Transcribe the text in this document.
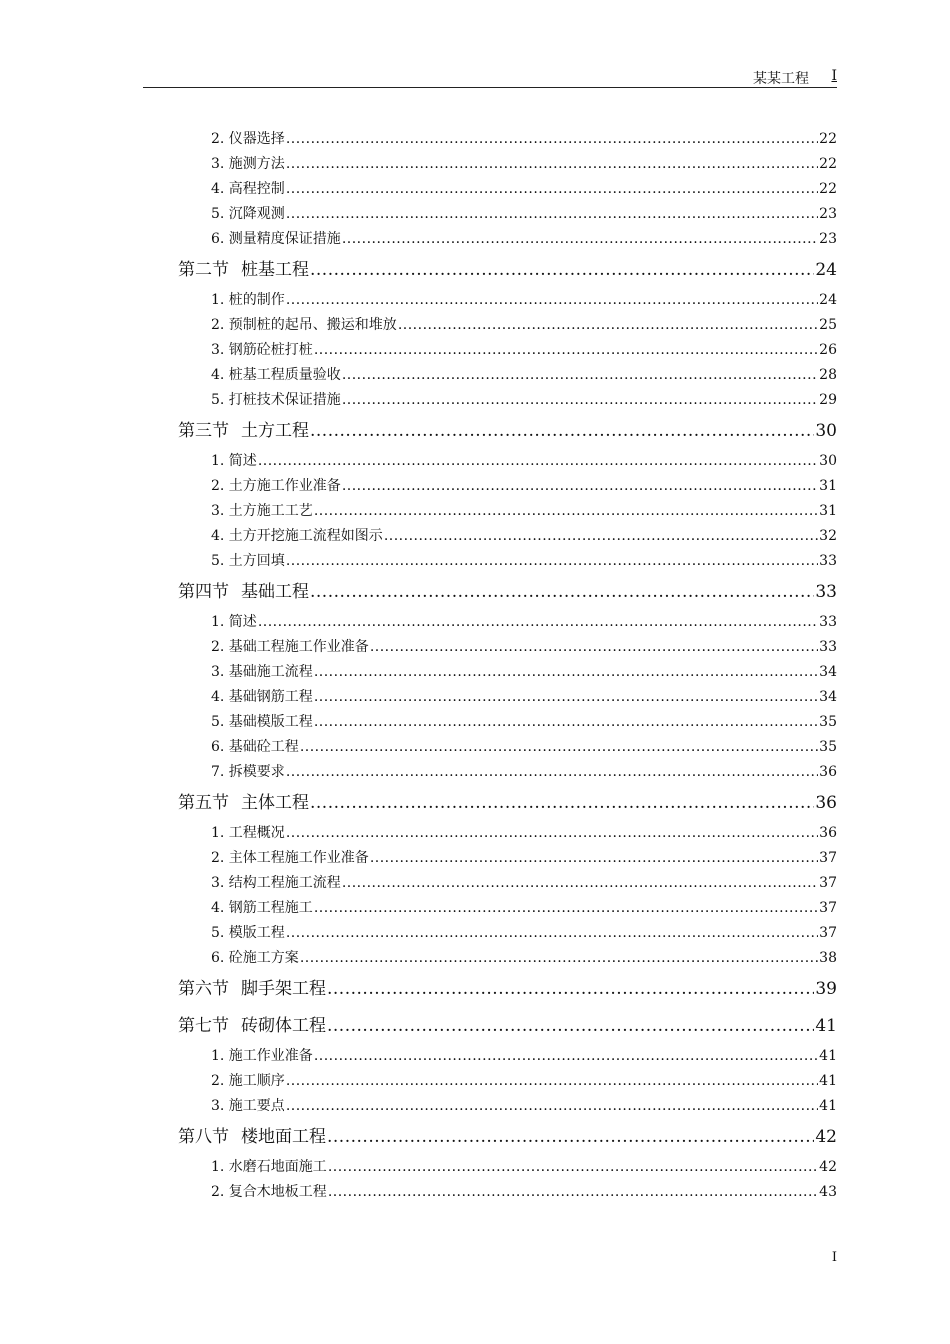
某某工程 I
2. 仪器选择 .....	22
3. 施测方法 .....	22
4. 高程控制 .....	22
5. 沉降观测 .....	23
6. 测量精度保证措施 .....	23
第二节 桩基工程 .....	24
1. 桩的制作 .....	24
2. 预制桩的起吊、搬运和堆放 .....	25
3. 钢筋砼桩打桩 .....	26
4. 桩基工程质量验收 .....	28
5. 打桩技术保证措施 .....	29
第三节 土方工程 .....	30
1. 简述 .....	30
2. 土方施工作业准备 .....	31
3. 土方施工工艺 .....	31
4. 土方开挖施工流程如图示 .....	32
5. 土方回填 .....	33
第四节 基础工程 .....	33
1. 简述 .....	33
2. 基础工程施工作业准备 .....	33
3. 基础施工流程 .....	34
4. 基础钢筋工程 .....	34
5. 基础模版工程 .....	35
6. 基础砼工程 .....	35
7. 拆模要求 .....	36
第五节 主体工程 .....	36
1. 工程概况 .....	36
2. 主体工程施工作业准备 .....	37
3. 结构工程施工流程 .....	37
4. 钢筋工程施工 .....	37
5. 模版工程 .....	37
6. 砼施工方案 .....	38
第六节 脚手架工程 .....	39
第七节 砖砌体工程 .....	41
1. 施工作业准备 .....	41
2. 施工顺序 .....	41
3. 施工要点 .....	41
第八节 楼地面工程 .....	42
1. 水磨石地面施工 .....	42
2. 复合木地板工程 .....	43
I
